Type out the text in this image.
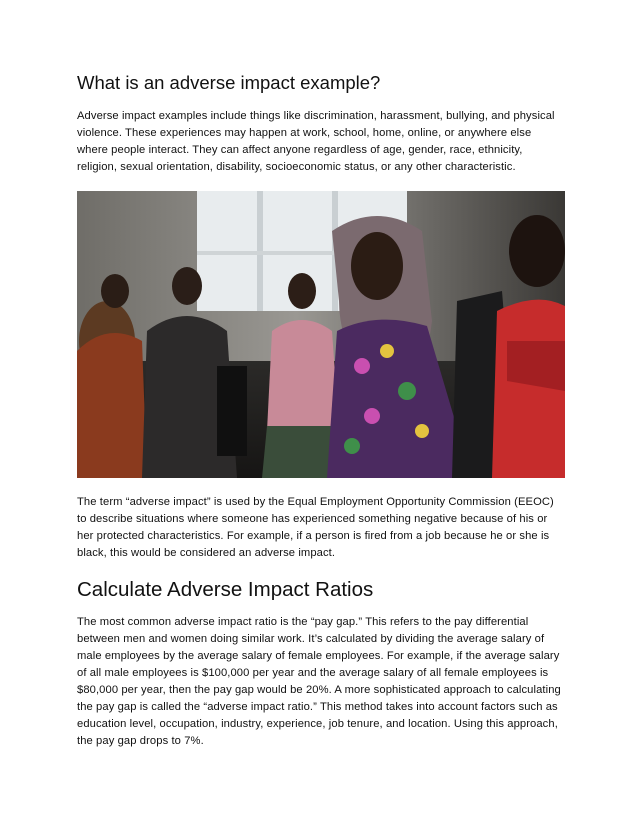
What is an adverse impact example?

Adverse impact examples include things like discrimination, harassment, bullying, and physical violence. These experiences may happen at work, school, home, online, or anywhere else where people interact. They can affect anyone regardless of age, gender, race, ethnicity, religion, sexual orientation, disability, socioeconomic status, or any other characteristic.

The term “adverse impact” is used by the Equal Employment Opportunity Commission (EEOC) to describe situations where someone has experienced something negative because of his or her protected characteristics. For example, if a person is fired from a job because he or she is black, this would be considered an adverse impact.

Calculate Adverse Impact Ratios

The most common adverse impact ratio is the “pay gap.” This refers to the pay differential between men and women doing similar work. It’s calculated by dividing the average salary of male employees by the average salary of female employees. For example, if the average salary of all male employees is $100,000 per year and the average salary of all female employees is $80,000 per year, then the pay gap would be 20%. A more sophisticated approach to calculating the pay gap is called the “adverse impact ratio.” This method takes into account factors such as education level, occupation, industry, experience, job tenure, and location. Using this approach, the pay gap drops to 7%.
